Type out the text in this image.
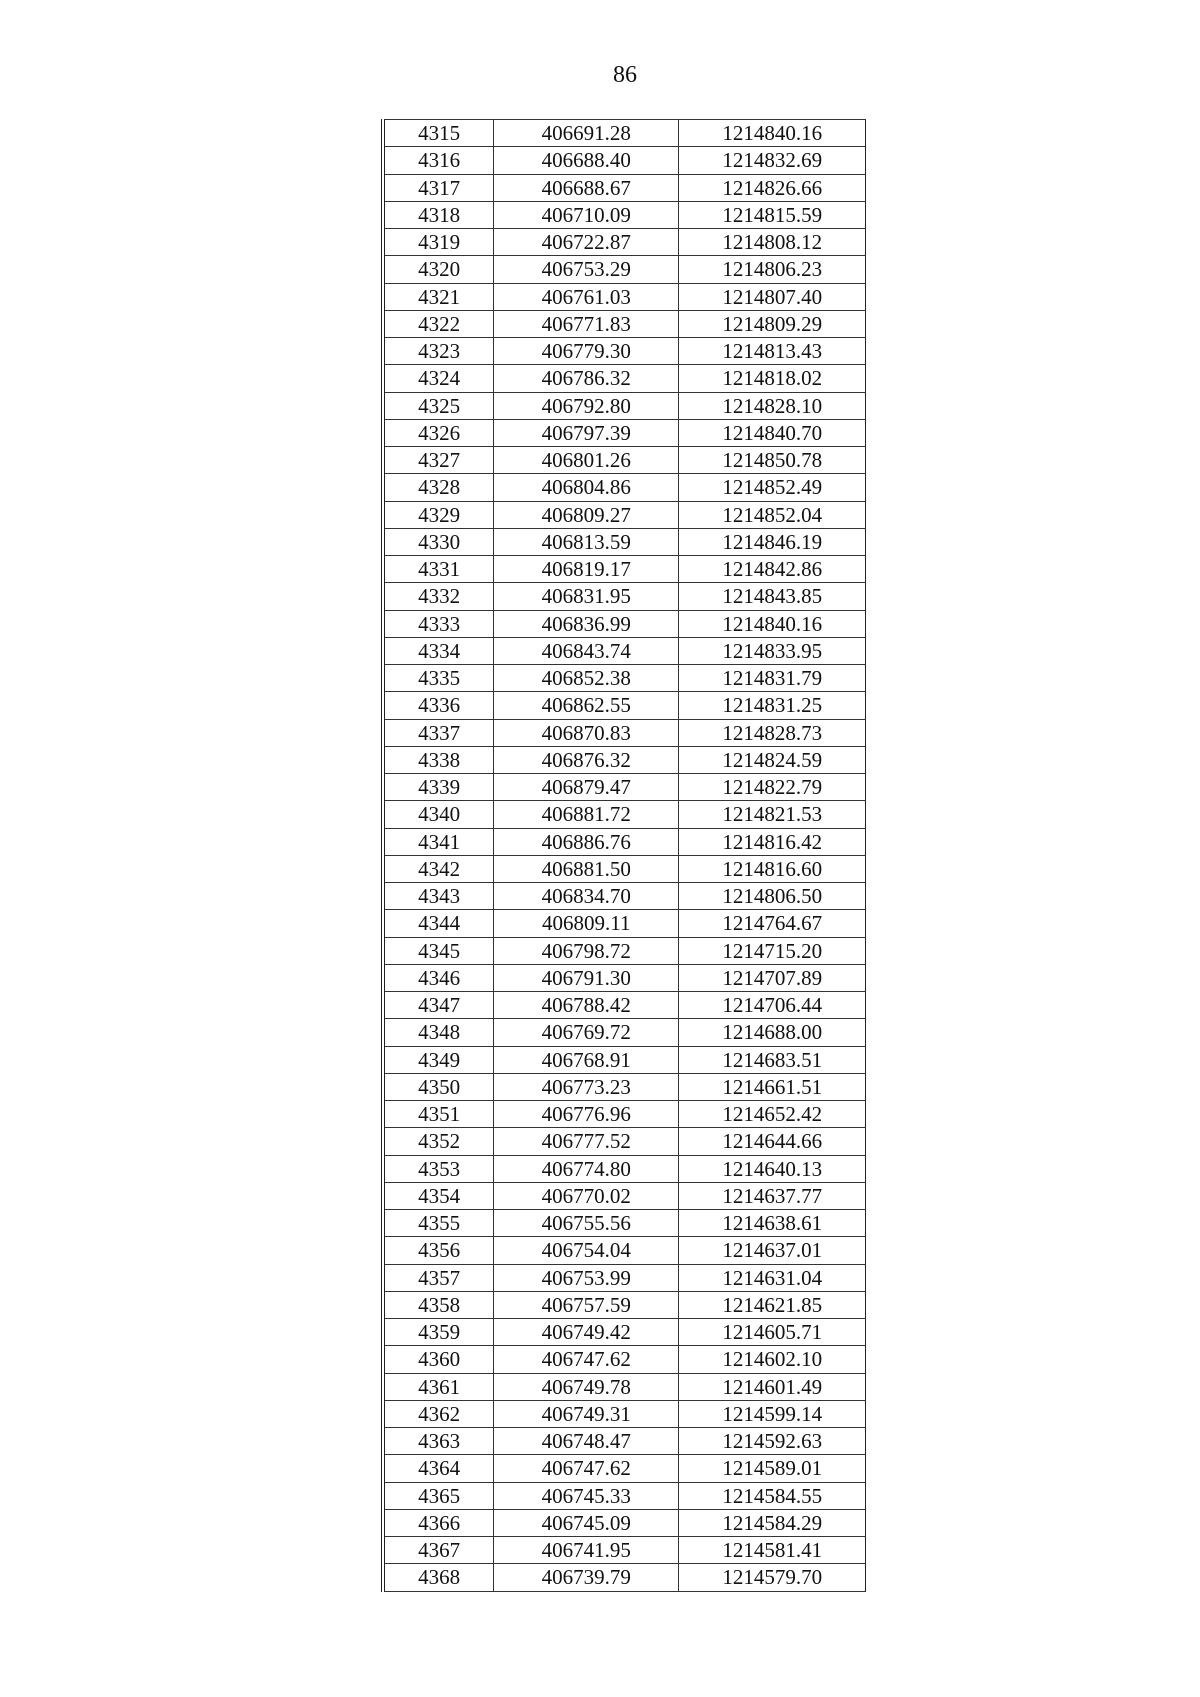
86
4315	406691.28	1214840.16
4316	406688.40	1214832.69
4317	406688.67	1214826.66
4318	406710.09	1214815.59
4319	406722.87	1214808.12
4320	406753.29	1214806.23
4321	406761.03	1214807.40
4322	406771.83	1214809.29
4323	406779.30	1214813.43
4324	406786.32	1214818.02
4325	406792.80	1214828.10
4326	406797.39	1214840.70
4327	406801.26	1214850.78
4328	406804.86	1214852.49
4329	406809.27	1214852.04
4330	406813.59	1214846.19
4331	406819.17	1214842.86
4332	406831.95	1214843.85
4333	406836.99	1214840.16
4334	406843.74	1214833.95
4335	406852.38	1214831.79
4336	406862.55	1214831.25
4337	406870.83	1214828.73
4338	406876.32	1214824.59
4339	406879.47	1214822.79
4340	406881.72	1214821.53
4341	406886.76	1214816.42
4342	406881.50	1214816.60
4343	406834.70	1214806.50
4344	406809.11	1214764.67
4345	406798.72	1214715.20
4346	406791.30	1214707.89
4347	406788.42	1214706.44
4348	406769.72	1214688.00
4349	406768.91	1214683.51
4350	406773.23	1214661.51
4351	406776.96	1214652.42
4352	406777.52	1214644.66
4353	406774.80	1214640.13
4354	406770.02	1214637.77
4355	406755.56	1214638.61
4356	406754.04	1214637.01
4357	406753.99	1214631.04
4358	406757.59	1214621.85
4359	406749.42	1214605.71
4360	406747.62	1214602.10
4361	406749.78	1214601.49
4362	406749.31	1214599.14
4363	406748.47	1214592.63
4364	406747.62	1214589.01
4365	406745.33	1214584.55
4366	406745.09	1214584.29
4367	406741.95	1214581.41
4368	406739.79	1214579.70
